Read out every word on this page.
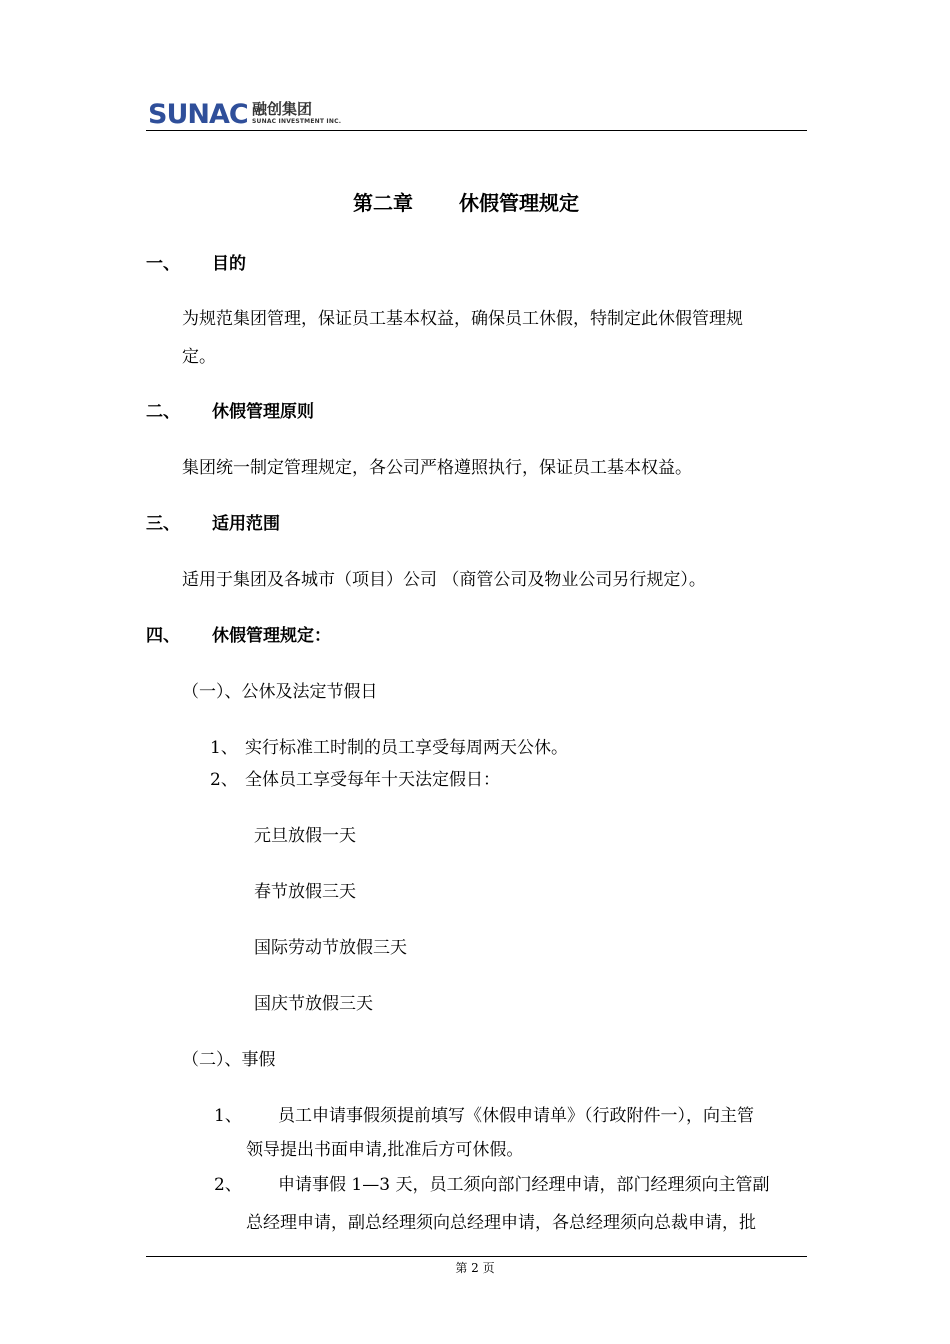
SUNAC 融创集团
SUNAC INVESTMENT INC.
第二章 休假管理规定
一、 目的
为规范集团管理，保证员工基本权益，确保员工休假，特制定此休假管理规
定。
二、 休假管理原则
集团统一制定管理规定，各公司严格遵照执行，保证员工基本权益。
三、 适用范围
适用于集团及各城市（项目）公司 （商管公司及物业公司另行规定）。
四、 休假管理规定：
（一）、公休及法定节假日
1、 实行标准工时制的员工享受每周两天公休。
2、 全体员工享受每年十天法定假日：
元旦放假一天
春节放假三天
国际劳动节放假三天
国庆节放假三天
（二）、事假
1、 员工申请事假须提前填写《休假申请单》（行政附件一），向主管
领导提出书面申请,批准后方可休假。
2、 申请事假 1—3 天，员工须向部门经理申请，部门经理须向主管副
总经理申请，副总经理须向总经理申请，各总经理须向总裁申请，批
第 2 页
